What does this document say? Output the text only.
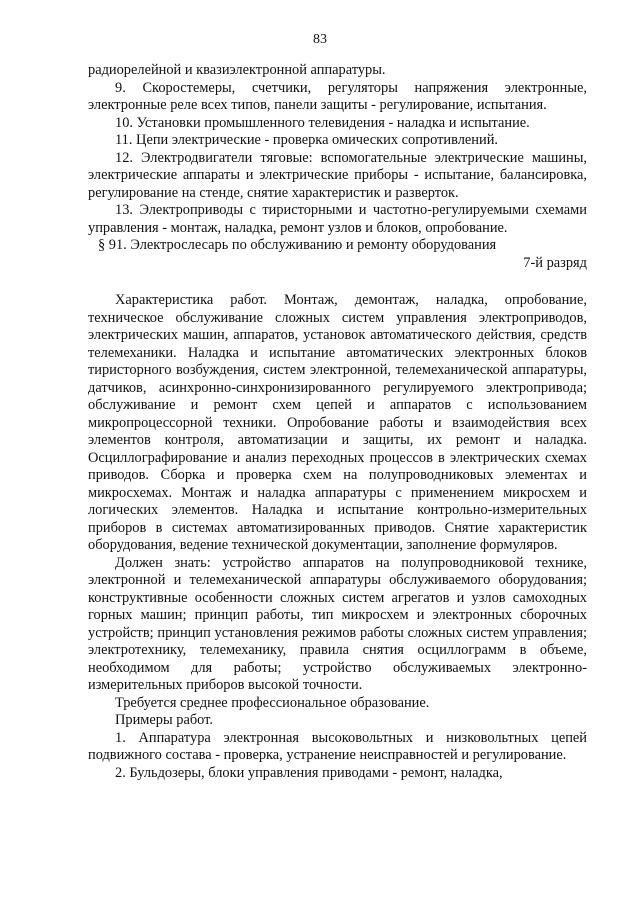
83

радиорелейной и квазиэлектронной аппаратуры.

9. Скоростемеры, счетчики, регуляторы напряжения электронные, электронные реле всех типов, панели защиты - регулирование, испытания.

10. Установки промышленного телевидения - наладка и испытание.

11. Цепи электрические - проверка омических сопротивлений.

12. Электродвигатели тяговые: вспомогательные электрические машины, электрические аппараты и электрические приборы - испытание, балансировка, регулирование на стенде, снятие характеристик и разверток.

13. Электроприводы с тиристорными и частотно-регулируемыми схемами управления - монтаж, наладка, ремонт узлов и блоков, опробование.

§ 91. Электрослесарь по обслуживанию и ремонту оборудования

7-й разряд

Характеристика работ. Монтаж, демонтаж, наладка, опробование, техническое обслуживание сложных систем управления электроприводов, электрических машин, аппаратов, установок автоматического действия, средств телемеханики. Наладка и испытание автоматических электронных блоков тиристорного возбуждения, систем электронной, телемеханической аппаратуры, датчиков, асинхронно-синхронизированного регулируемого электропривода; обслуживание и ремонт схем цепей и аппаратов с использованием микропроцессорной техники. Опробование работы и взаимодействия всех элементов контроля, автоматизации и защиты, их ремонт и наладка. Осциллографирование и анализ переходных процессов в электрических схемах приводов. Сборка и проверка схем на полупроводниковых элементах и микросхемах. Монтаж и наладка аппаратуры с применением микросхем и логических элементов. Наладка и испытание контрольно-измерительных приборов в системах автоматизированных приводов. Снятие характеристик оборудования, ведение технической документации, заполнение формуляров.

Должен знать: устройство аппаратов на полупроводниковой технике, электронной и телемеханической аппаратуры обслуживаемого оборудования; конструктивные особенности сложных систем агрегатов и узлов самоходных горных машин; принцип работы, тип микросхем и электронных сборочных устройств; принцип установления режимов работы сложных систем управления; электротехнику, телемеханику, правила снятия осциллограмм в объеме, необходимом для работы; устройство обслуживаемых электронно-измерительных приборов высокой точности.

Требуется среднее профессиональное образование.

Примеры работ.

1. Аппаратура электронная высоковольтных и низковольтных цепей подвижного состава - проверка, устранение неисправностей и регулирование.

2. Бульдозеры, блоки управления приводами - ремонт, наладка,
